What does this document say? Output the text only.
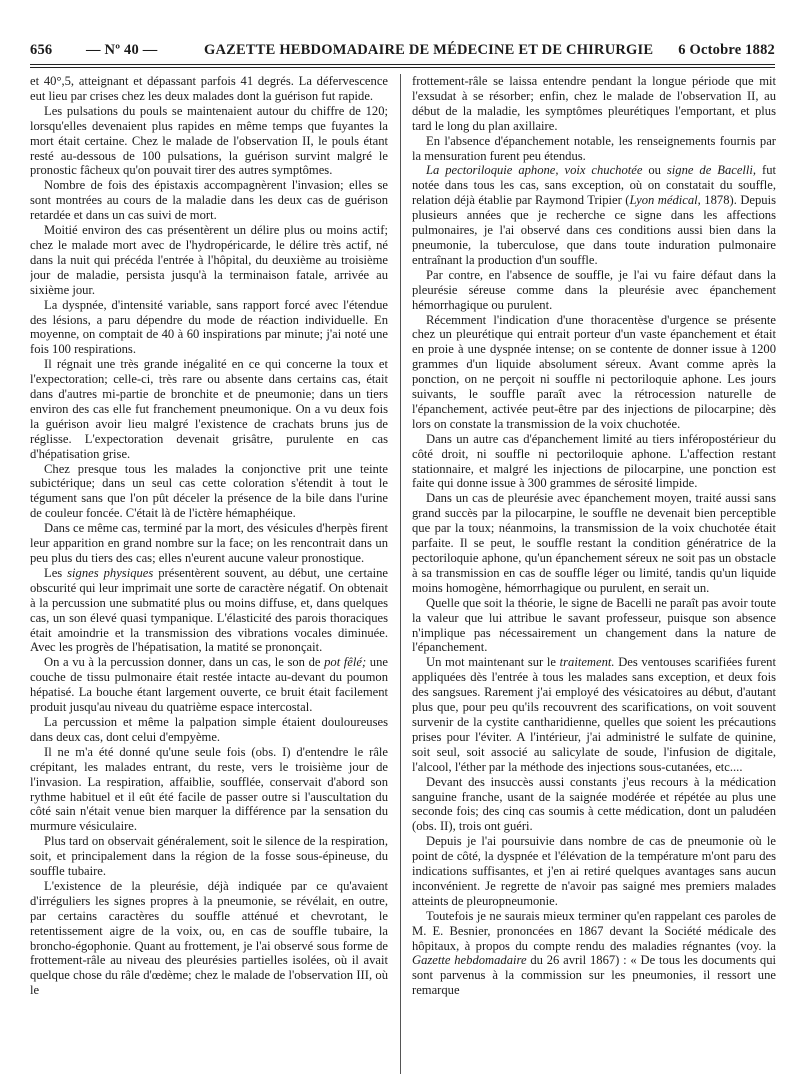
656 — Nº 40 —	GAZETTE HEBDOMADAIRE DE MÉDECINE ET DE CHIRURGIE 6 Octobre 1882

et 40°,5, atteignant et dépassant parfois 41 degrés. La défervescence eut lieu par crises chez les deux malades dont la guérison fut rapide.

Les pulsations du pouls se maintenaient autour du chiffre de 120; lorsqu'elles devenaient plus rapides en même temps que fuyantes la mort était certaine. Chez le malade de l'observation II, le pouls étant resté au-dessous de 100 pulsations, la guérison survint malgré le pronostic fâcheux qu'on pouvait tirer des autres symptômes.

Nombre de fois des épistaxis accompagnèrent l'invasion; elles se sont montrées au cours de la maladie dans les deux cas de guérison retardée et dans un cas suivi de mort.

Moitié environ des cas présentèrent un délire plus ou moins actif; chez le malade mort avec de l'hydropéricarde, le délire très actif, né dans la nuit qui précéda l'entrée à l'hôpital, du deuxième au troisième jour de maladie, persista jusqu'à la terminaison fatale, arrivée au sixième jour.

La dyspnée, d'intensité variable, sans rapport forcé avec l'étendue des lésions, a paru dépendre du mode de réaction individuelle. En moyenne, on comptait de 40 à 60 inspirations par minute; j'ai noté une fois 100 respirations.

Il régnait une très grande inégalité en ce qui concerne la toux et l'expectoration; celle-ci, très rare ou absente dans certains cas, était dans d'autres mi-partie de bronchite et de pneumonie; dans un tiers environ des cas elle fut franchement pneumonique. On a vu deux fois la guérison avoir lieu malgré l'existence de crachats bruns jus de réglisse. L'expectoration devenait grisâtre, purulente en cas d'hépatisation grise.

Chez presque tous les malades la conjonctive prit une teinte subictérique; dans un seul cas cette coloration s'étendit à tout le tégument sans que l'on pût déceler la présence de la bile dans l'urine de couleur foncée. C'était là de l'ictère hémaphéique.

Dans ce même cas, terminé par la mort, des vésicules d'herpès firent leur apparition en grand nombre sur la face; on les rencontrait dans un peu plus du tiers des cas; elles n'eurent aucune valeur pronostique.

Les signes physiques présentèrent souvent, au début, une certaine obscurité qui leur imprimait une sorte de caractère négatif. On obtenait à la percussion une submatité plus ou moins diffuse, et, dans quelques cas, un son élevé quasi tympanique. L'élasticité des parois thoraciques était amoindrie et la transmission des vibrations vocales diminuée. Avec les progrès de l'hépatisation, la matité se prononçait.

On a vu à la percussion donner, dans un cas, le son de pot fêlé; une couche de tissu pulmonaire était restée intacte au-devant du poumon hépatisé. La bouche étant largement ouverte, ce bruit était facilement produit jusqu'au niveau du quatrième espace intercostal.

La percussion et même la palpation simple étaient douloureuses dans deux cas, dont celui d'empyème.

Il ne m'a été donné qu'une seule fois (obs. I) d'entendre le râle crépitant, les malades entrant, du reste, vers le troisième jour de l'invasion. La respiration, affaiblie, soufflée, conservait d'abord son rythme habituel et il eût été facile de passer outre si l'auscultation du côté sain n'était venue bien marquer la différence par la sensation du murmure vésiculaire.

Plus tard on observait généralement, soit le silence de la respiration, soit, et principalement dans la région de la fosse sous-épineuse, du souffle tubaire.

L'existence de la pleurésie, déjà indiquée par ce qu'avaient d'irréguliers les signes propres à la pneumonie, se révélait, en outre, par certains caractères du souffle atténué et chevrotant, le retentissement aigre de la voix, ou, en cas de souffle tubaire, la broncho-égophonie. Quant au frottement, je l'ai observé sous forme de frottement-râle au niveau des pleurésies partielles isolées, où il avait quelque chose du râle d'œdème; chez le malade de l'observation III, où le

frottement-râle se laissa entendre pendant la longue période que mit l'exsudat à se résorber; enfin, chez le malade de l'observation II, au début de la maladie, les symptômes pleurétiques l'emportant, et plus tard le long du plan axillaire.

En l'absence d'épanchement notable, les renseignements fournis par la mensuration furent peu étendus.

La pectoriloquie aphone, voix chuchotée ou signe de Bacelli, fut notée dans tous les cas, sans exception, où on constatait du souffle, relation déjà établie par Raymond Tripier (Lyon médical, 1878). Depuis plusieurs années que je recherche ce signe dans les affections pulmonaires, je l'ai observé dans ces conditions aussi bien dans la pneumonie, la tuberculose, que dans toute induration pulmonaire entraînant la production d'un souffle.

Par contre, en l'absence de souffle, je l'ai vu faire défaut dans la pleurésie séreuse comme dans la pleurésie avec épanchement hémorrhagique ou purulent.

Récemment l'indication d'une thoracentèse d'urgence se présente chez un pleurétique qui entrait porteur d'un vaste épanchement et était en proie à une dyspnée intense; on se contente de donner issue à 1200 grammes d'un liquide absolument séreux. Avant comme après la ponction, on ne perçoit ni souffle ni pectoriloquie aphone. Les jours suivants, le souffle paraît avec la rétrocession naturelle de l'épanchement, activée peut-être par des injections de pilocarpine; dès lors on constate la transmission de la voix chuchotée.

Dans un autre cas d'épanchement limité au tiers inféropostérieur du côté droit, ni souffle ni pectoriloquie aphone. L'affection restant stationnaire, et malgré les injections de pilocarpine, une ponction est faite qui donne issue à 300 grammes de sérosité limpide.

Dans un cas de pleurésie avec épanchement moyen, traité aussi sans grand succès par la pilocarpine, le souffle ne devenait bien perceptible que par la toux; néanmoins, la transmission de la voix chuchotée était parfaite. Il se peut, le souffle restant la condition génératrice de la pectoriloquie aphone, qu'un épanchement séreux ne soit pas un obstacle à sa transmission en cas de souffle léger ou limité, tandis qu'un liquide moins homogène, hémorrhagique ou purulent, en serait un.

Quelle que soit la théorie, le signe de Bacelli ne paraît pas avoir toute la valeur que lui attribue le savant professeur, puisque son absence n'implique pas nécessairement un changement dans la nature de l'épanchement.

Un mot maintenant sur le traitement. Des ventouses scarifiées furent appliquées dès l'entrée à tous les malades sans exception, et deux fois des sangsues. Rarement j'ai employé des vésicatoires au début, d'autant plus que, pour peu qu'ils recouvrent des scarifications, on voit souvent survenir de la cystite cantharidienne, quelles que soient les précautions prises pour l'éviter. A l'intérieur, j'ai administré le sulfate de quinine, soit seul, soit associé au salicylate de soude, l'infusion de digitale, l'alcool, l'éther par la méthode des injections sous-cutanées, etc....

Devant des insuccès aussi constants j'eus recours à la médication sanguine franche, usant de la saignée modérée et répétée au plus une seconde fois; des cinq cas soumis à cette médication, dont un paludéen (obs. II), trois ont guéri.

Depuis je l'ai poursuivie dans nombre de cas de pneumonie où le point de côté, la dyspnée et l'élévation de la température m'ont paru des indications suffisantes, et j'en ai retiré quelques avantages sans aucun inconvénient. Je regrette de n'avoir pas saigné mes premiers malades atteints de pleuropneumonie.

Toutefois je ne saurais mieux terminer qu'en rappelant ces paroles de M. E. Besnier, prononcées en 1867 devant la Société médicale des hôpitaux, à propos du compte rendu des maladies régnantes (voy. la Gazette hebdomadaire du 26 avril 1867) : « De tous les documents qui sont parvenus à la commission sur les pneumonies, il ressort une remarque
